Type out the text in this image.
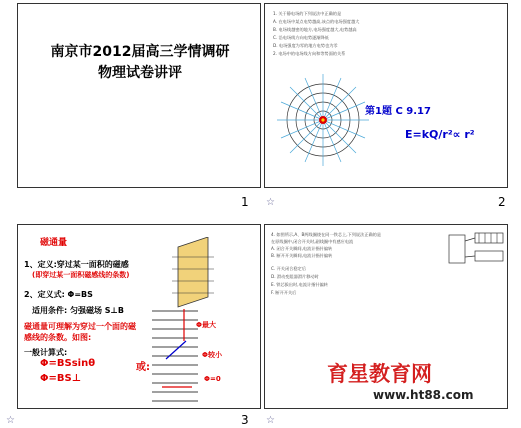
南京市2012届高三学情调研
物理试卷讲评
1
1. 关于静电场的下列说法中正确的是
A. 在电场中某点电势越高,该点的电场强度越大
B. 电场线越密的地方,电场强度越大,电势越高
C. 沿电场线方向电势逐渐降低
D. 电场强度为零的地方电势也为零
2. 电场中的电场线方向和等势面的关系
第1题 C 9.17
E=kQ/r²∝ r²
2
☆
磁通量
1、定义:穿过某一面积的磁感
(即穿过某一面积磁感线的条数)
2、定义式: Φ=BS
适用条件: 匀强磁场 S⊥B
磁通量可理解为穿过一个面的磁
感线的条数。如图:
一般计算式:
Φ=BSsinθ	或:
Φ=BS⊥
Φ最大
Φ较小
Φ=0
3
☆
4. 如图所示,A、B两线圈绕在同一铁芯上,下列说法正确的是
在原线圈中,闭合开关时,副线圈中有感应电流
A. 闭合开关瞬间,电流计指针偏转
B. 断开开关瞬间,电流计指针偏转
C. 开关闭合稳定后
D. 滑动变阻器滑片移动时
E. 铁芯拔出时,电流计指针偏转
F. 断开开关后
育星教育网
www.ht88.com
☆
